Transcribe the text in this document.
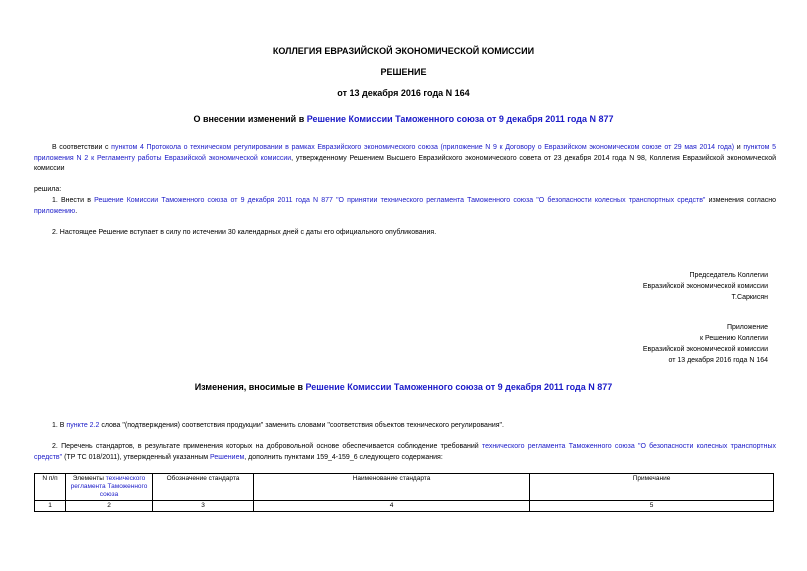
КОЛЛЕГИЯ ЕВРАЗИЙСКОЙ ЭКОНОМИЧЕСКОЙ КОМИССИИ
РЕШЕНИЕ
от 13 декабря 2016 года N 164
О внесении изменений в Решение Комиссии Таможенного союза от 9 декабря 2011 года N 877
В соответствии с пунктом 4 Протокола о техническом регулировании в рамках Евразийского экономического союза (приложение N 9 к Договору о Евразийском экономическом союзе от 29 мая 2014 года) и пунктом 5 приложения N 2 к Регламенту работы Евразийской экономической комиссии, утвержденному Решением Высшего Евразийского экономического совета от 23 декабря 2014 года N 98, Коллегия Евразийской экономической комиссии
решила:
1. Внести в Решение Комиссии Таможенного союза от 9 декабря 2011 года N 877 "О принятии технического регламента Таможенного союза "О безопасности колесных транспортных средств" изменения согласно приложению.
2. Настоящее Решение вступает в силу по истечении 30 календарных дней с даты его официального опубликования.
Председатель Коллегии
Евразийской экономической комиссии
Т.Саркисян
Приложение
к Решению Коллегии
Евразийской экономической комиссии
от 13 декабря 2016 года N 164
Изменения, вносимые в Решение Комиссии Таможенного союза от 9 декабря 2011 года N 877
1. В пункте 2.2 слова "(подтверждения) соответствия продукции" заменить словами "соответствия объектов технического регулирования".
2. Перечень стандартов, в результате применения которых на добровольной основе обеспечивается соблюдение требований технического регламента Таможенного союза "О безопасности колесных транспортных средств" (ТР ТС 018/2011), утвержденный указанным Решением, дополнить пунктами 159_4-159_6 следующего содержания:
N п/п	Элементы технического регламента Таможенного союза	Обозначение стандарта	Наименование стандарта	Примечание
1	2	3	4	5
